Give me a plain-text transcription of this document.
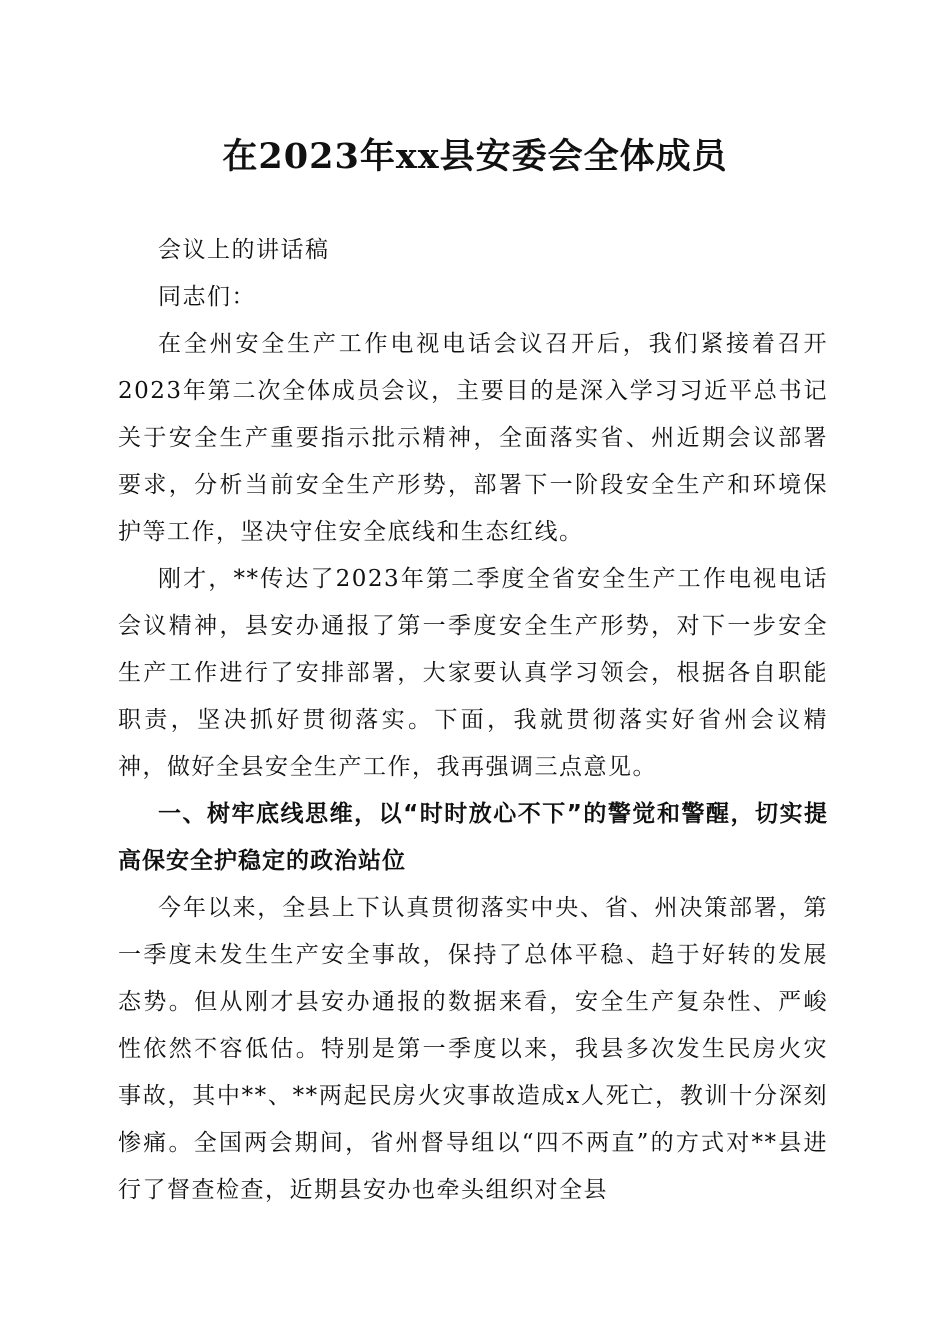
在2023年xx县安委会全体成员

会议上的讲话稿

同志们：

在全州安全生产工作电视电话会议召开后，我们紧接着召开2023年第二次全体成员会议，主要目的是深入学习习近平总书记关于安全生产重要指示批示精神，全面落实省、州近期会议部署要求，分析当前安全生产形势，部署下一阶段安全生产和环境保护等工作，坚决守住安全底线和生态红线。

刚才，**传达了2023年第二季度全省安全生产工作电视电话会议精神，县安办通报了第一季度安全生产形势，对下一步安全生产工作进行了安排部署，大家要认真学习领会，根据各自职能职责，坚决抓好贯彻落实。下面，我就贯彻落实好省州会议精神，做好全县安全生产工作，我再强调三点意见。

一、树牢底线思维，以“时时放心不下”的警觉和警醒，切实提高保安全护稳定的政治站位

今年以来，全县上下认真贯彻落实中央、省、州决策部署，第一季度未发生生产安全事故，保持了总体平稳、趋于好转的发展态势。但从刚才县安办通报的数据来看，安全生产复杂性、严峻性依然不容低估。特别是第一季度以来，我县多次发生民房火灾事故，其中**、**两起民房火灾事故造成x人死亡，教训十分深刻惨痛。全国两会期间，省州督导组以“四不两直”的方式对**县进行了督查检查，近期县安办也牵头组织对全县
